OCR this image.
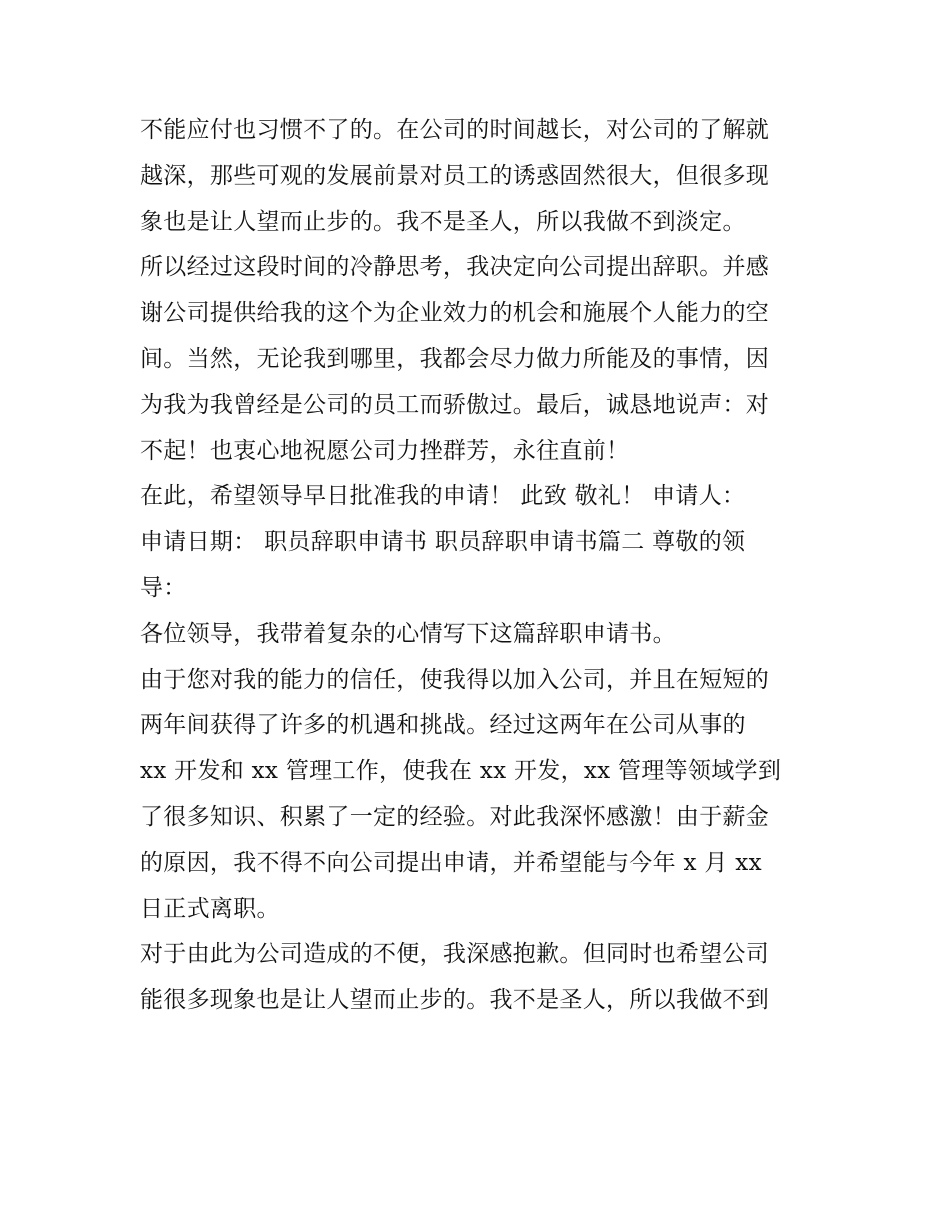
不能应付也习惯不了的。在公司的时间越长，对公司的了解就
越深，那些可观的发展前景对员工的诱惑固然很大，但很多现
象也是让人望而止步的。我不是圣人，所以我做不到淡定。
所以经过这段时间的冷静思考，我决定向公司提出辞职。并感
谢公司提供给我的这个为企业效力的机会和施展个人能力的空
间。当然，无论我到哪里，我都会尽力做力所能及的事情，因
为我为我曾经是公司的员工而骄傲过。最后，诚恳地说声：对
不起！也衷心地祝愿公司力挫群芳，永往直前！
在此，希望领导早日批准我的申请！ 此致 敬礼！ 申请人：
申请日期： 职员辞职申请书 职员辞职申请书篇二 尊敬的领
导：
各位领导，我带着复杂的心情写下这篇辞职申请书。
由于您对我的能力的信任，使我得以加入公司，并且在短短的
两年间获得了许多的机遇和挑战。经过这两年在公司从事的
xx 开发和 xx 管理工作，使我在 xx 开发，xx 管理等领域学到
了很多知识、积累了一定的经验。对此我深怀感激！由于薪金
的原因，我不得不向公司提出申请，并希望能与今年 x 月 xx
日正式离职。
对于由此为公司造成的不便，我深感抱歉。但同时也希望公司
能很多现象也是让人望而止步的。我不是圣人，所以我做不到
